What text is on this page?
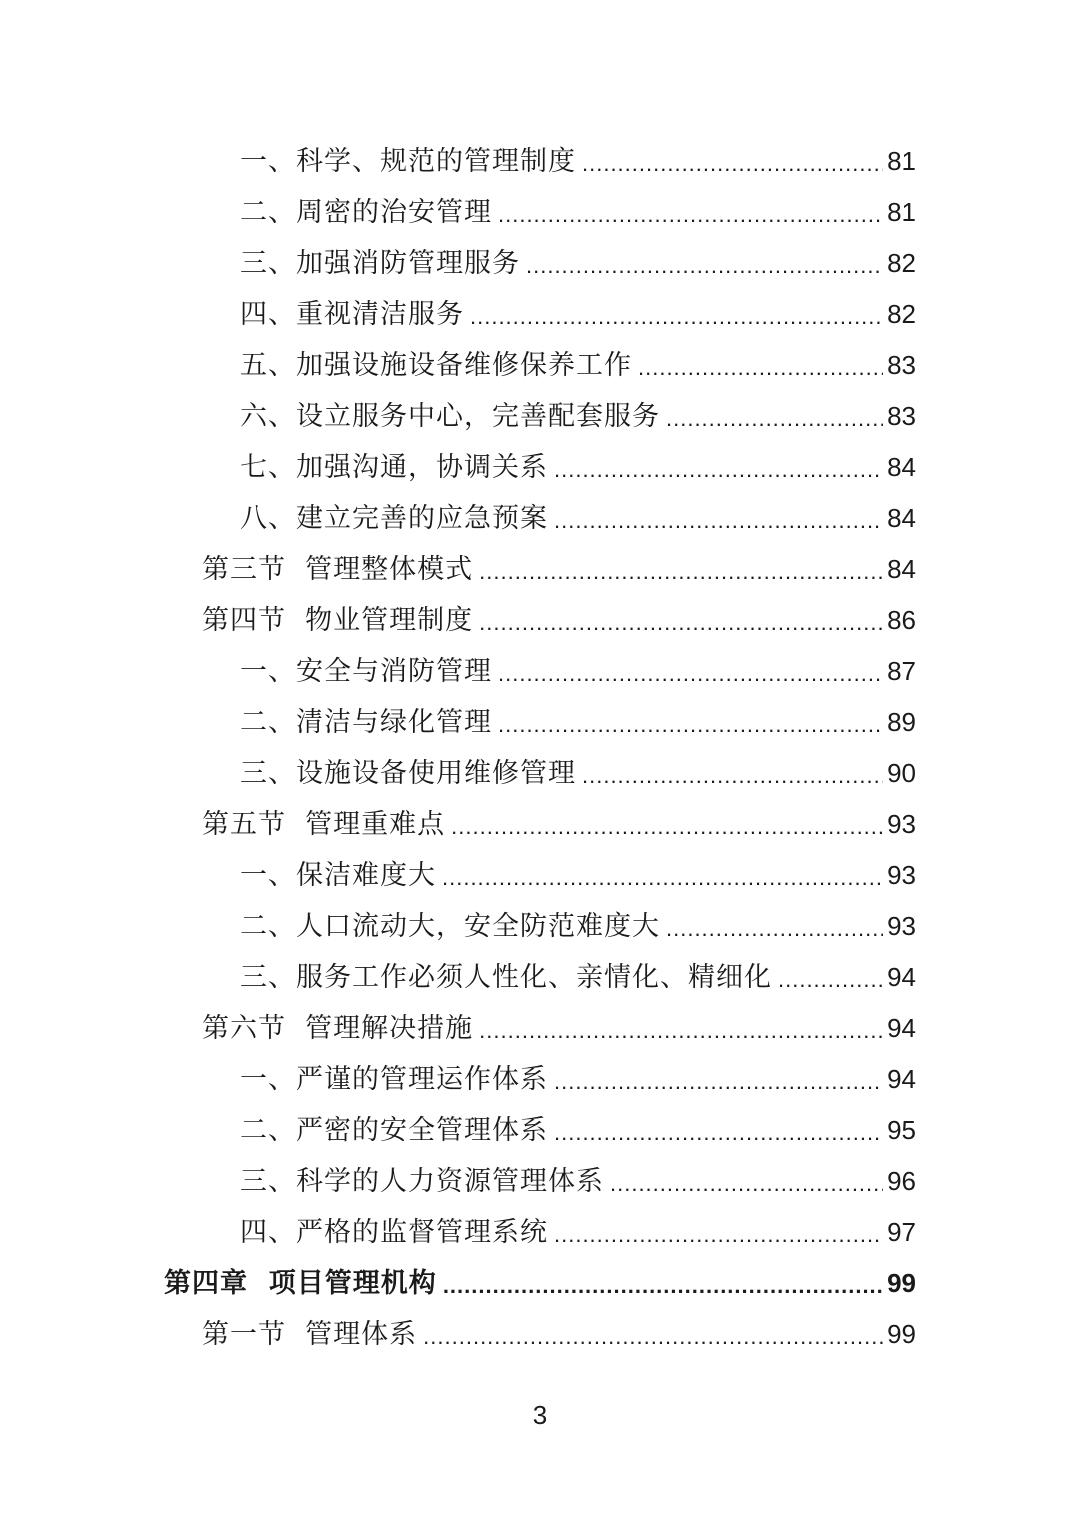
一、科学、规范的管理制度 .....	81
二、周密的治安管理 .....	81
三、加强消防管理服务 .....	82
四、重视清洁服务 .....	82
五、加强设施设备维修保养工作 .....	83
六、设立服务中心，完善配套服务 .....	83
七、加强沟通，协调关系 .....	84
八、建立完善的应急预案 .....	84
第三节  管理整体模式 .....	84
第四节  物业管理制度 .....	86
一、安全与消防管理 .....	87
二、清洁与绿化管理 .....	89
三、设施设备使用维修管理 .....	90
第五节  管理重难点 .....	93
一、保洁难度大 .....	93
二、人口流动大，安全防范难度大 .....	93
三、服务工作必须人性化、亲情化、精细化 .....	94
第六节  管理解决措施 .....	94
一、严谨的管理运作体系 .....	94
二、严密的安全管理体系 .....	95
三、科学的人力资源管理体系 .....	96
四、严格的监督管理系统 .....	97
第四章  项目管理机构 .....	99
第一节  管理体系 .....	99
3
